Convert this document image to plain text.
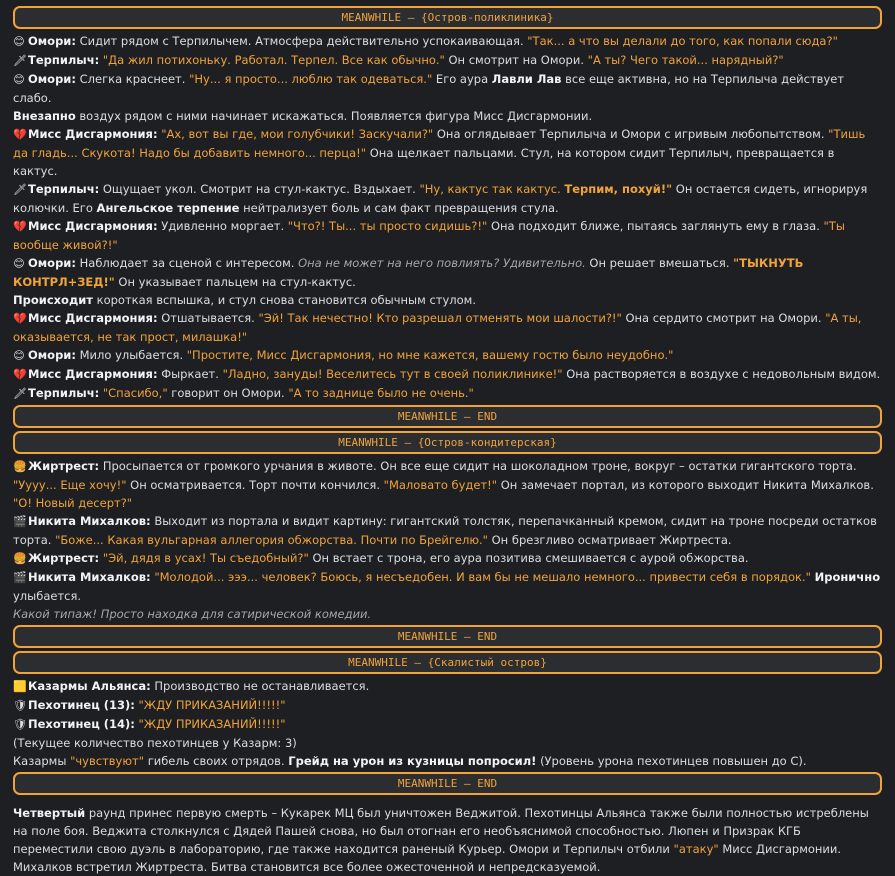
MEANWHILE – {Остров-поликлиника}

😊 Омори: Сидит рядом с Терпилычем. Атмосфера действительно успокаивающая. "Так... а что вы делали до того, как попали сюда?"

🗡Терпилыч: "Да жил потихоньку. Работал. Терпел. Все как обычно." Он смотрит на Омори. "А ты? Чего такой... нарядный?"

😊 Омори: Слегка краснеет. "Ну... я просто... люблю так одеваться." Его аура Лавли Лав все еще активна, но на Терпилыча действует слабо.

Внезапно воздух рядом с ними начинает искажаться. Появляется фигура Мисс Дисгармонии.

💔Мисс Дисгармония: "Ах, вот вы где, мои голубчики! Заскучали?" Она оглядывает Терпилыча и Омори с игривым любопытством. "Тишь да гладь... Скукота! Надо бы добавить немного... перца!" Она щелкает пальцами. Стул, на котором сидит Терпилыч, превращается в кактус.

🗡Терпилыч: Ощущает укол. Смотрит на стул-кактус. Вздыхает. "Ну, кактус так кактус. Терпим, похуй!" Он остается сидеть, игнорируя колючки. Его Ангельское терпение нейтрализует боль и сам факт превращения стула.

💔Мисс Дисгармония: Удивленно моргает. "Что?! Ты... ты просто сидишь?!" Она подходит ближе, пытаясь заглянуть ему в глаза. "Ты вообще живой?!"

😊 Омори: Наблюдает за сценой с интересом. Она не может на него повлиять? Удивительно. Он решает вмешаться. "ТЫКНУТЬ КОНТРЛ+ЗЕД!" Он указывает пальцем на стул-кактус.

Происходит короткая вспышка, и стул снова становится обычным стулом.

💔Мисс Дисгармония: Отшатывается. "Эй! Так нечестно! Кто разрешал отменять мои шалости?!" Она сердито смотрит на Омори. "А ты, оказывается, не так прост, милашка!"

😊 Омори: Мило улыбается. "Простите, Мисс Дисгармония, но мне кажется, вашему гостю было неудобно."

💔Мисс Дисгармония: Фыркает. "Ладно, зануды! Веселитесь тут в своей поликлинике!" Она растворяется в воздухе с недовольным видом.

🗡Терпилыч: "Спасибо," говорит он Омори. "А то заднице было не очень."

MEANWHILE – END
MEANWHILE – {Остров-кондитерская}

🍔Жиртрест: Просыпается от громкого урчания в животе. Он все еще сидит на шоколадном троне, вокруг – остатки гигантского торта. "Уууу... Еще хочу!" Он осматривается. Торт почти кончился. "Маловато будет!" Он замечает портал, из которого выходит Никита Михалков. "О! Новый десерт?"

🎬Никита Михалков: Выходит из портала и видит картину: гигантский толстяк, перепачканный кремом, сидит на троне посреди остатков торта. "Боже... Какая вульгарная аллегория обжорства. Почти по Брейгелю." Он брезгливо осматривает Жиртреста.

🍔Жиртрест: "Эй, дядя в усах! Ты съедобный?" Он встает с трона, его аура позитива смешивается с аурой обжорства.

🎬Никита Михалков: "Молодой... эээ... человек? Боюсь, я несъедобен. И вам бы не мешало немного... привести себя в порядок." Иронично улыбается.

Какой типаж! Просто находка для сатирической комедии.

MEANWHILE – END
MEANWHILE – {Скалистый остров}

🟨Казармы Альянса: Производство не останавливается.

🛡Пехотинец (13): "ЖДУ ПРИКАЗАНИЙ!!!!!"

🛡Пехотинец (14): "ЖДУ ПРИКАЗАНИЙ!!!!!"

(Текущее количество пехотинцев у Казарм: 3)

Казармы "чувствуют" гибель своих отрядов. Грейд на урон из кузницы попросил! (Уровень урона пехотинцев повышен до С).

MEANWHILE – END

Четвертый раунд принес первую смерть – Кукарек МЦ был уничтожен Веджитой. Пехотинцы Альянса также были полностью истреблены на поле боя. Веджита столкнулся с Дядей Пашей снова, но был отогнан его необъяснимой способностью. Люпен и Призрак КГБ переместили свою дуэль в лабораторию, где также находится раненый Курьер. Омори и Терпилыч отбили "атаку" Мисс Дисгармонии. Михалков встретил Жиртреста. Битва становится все более ожесточенной и непредсказуемой.
